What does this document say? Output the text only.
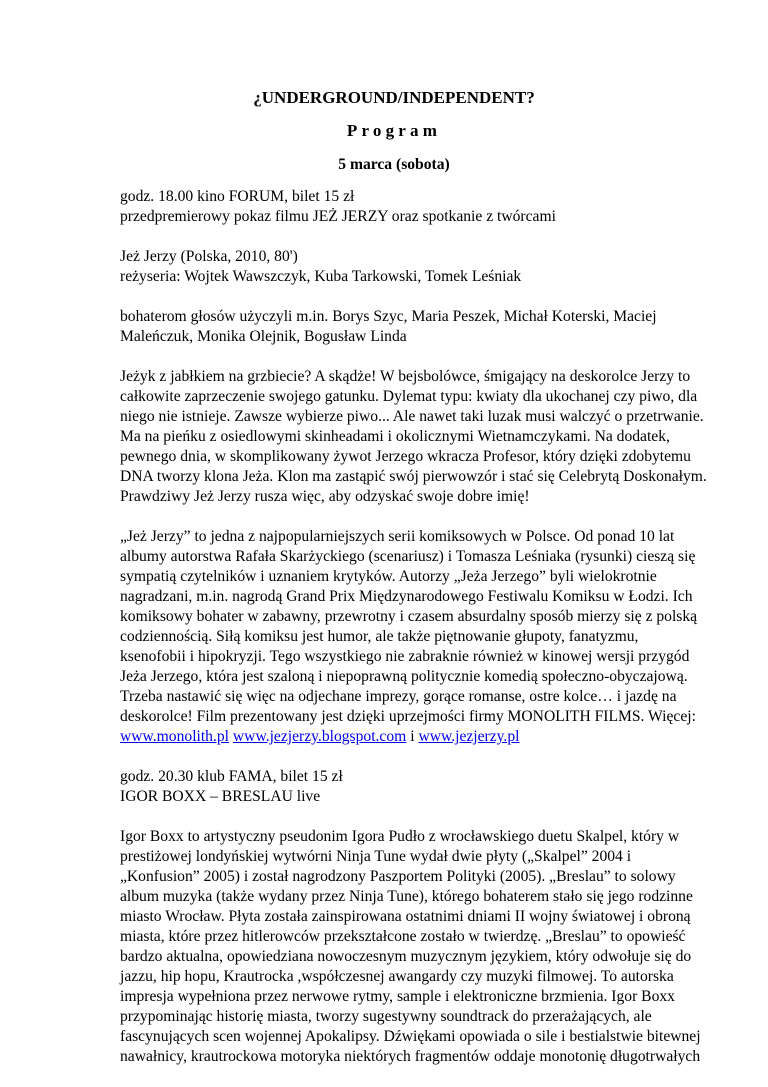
¿UNDERGROUND/INDEPENDENT?
Program
5 marca (sobota)

godz. 18.00 kino FORUM, bilet 15 zł
przedpremierowy pokaz filmu JEŻ JERZY oraz spotkanie z twórcami

Jeż Jerzy (Polska, 2010, 80')
reżyseria: Wojtek Wawszczyk, Kuba Tarkowski, Tomek Leśniak

bohaterom głosów użyczyli m.in. Borys Szyc, Maria Peszek, Michał Koterski, Maciej
Maleńczuk, Monika Olejnik, Bogusław Linda

Jeżyk z jabłkiem na grzbiecie? A skądże! W bejsbolówce, śmigający na deskorolce Jerzy to
całkowite zaprzeczenie swojego gatunku. Dylemat typu: kwiaty dla ukochanej czy piwo, dla
niego nie istnieje. Zawsze wybierze piwo... Ale nawet taki luzak musi walczyć o przetrwanie.
Ma na pieńku z osiedlowymi skinheadami i okolicznymi Wietnamczykami. Na dodatek,
pewnego dnia, w skomplikowany żywot Jerzego wkracza Profesor, który dzięki zdobytemu
DNA tworzy klona Jeża. Klon ma zastąpić swój pierwowzór i stać się Celebrytą Doskonałym.
Prawdziwy Jeż Jerzy rusza więc, aby odzyskać swoje dobre imię!

„Jeż Jerzy” to jedna z najpopularniejszych serii komiksowych w Polsce. Od ponad 10 lat
albumy autorstwa Rafała Skarżyckiego (scenariusz) i Tomasza Leśniaka (rysunki) cieszą się
sympatią czytelników i uznaniem krytyków. Autorzy „Jeża Jerzego” byli wielokrotnie
nagradzani, m.in. nagrodą Grand Prix Międzynarodowego Festiwalu Komiksu w Łodzi. Ich
komiksowy bohater w zabawny, przewrotny i czasem absurdalny sposób mierzy się z polską
codziennością. Siłą komiksu jest humor, ale także piętnowanie głupoty, fanatyzmu,
ksenofobii i hipokryzji. Tego wszystkiego nie zabraknie również w kinowej wersji przygód
Jeża Jerzego, która jest szaloną i niepoprawną politycznie komedią społeczno-obyczajową.
Trzeba nastawić się więc na odjechane imprezy, gorące romanse, ostre kolce… i jazdę na
deskorolce! Film prezentowany jest dzięki uprzejmości firmy MONOLITH FILMS. Więcej:
www.monolith.pl www.jezjerzy.blogspot.com i www.jezjerzy.pl

godz. 20.30 klub FAMA, bilet 15 zł
IGOR BOXX – BRESLAU live

Igor Boxx to artystyczny pseudonim Igora Pudło z wrocławskiego duetu Skalpel, który w
prestiżowej londyńskiej wytwórni Ninja Tune wydał dwie płyty („Skalpel” 2004 i
„Konfusion” 2005) i został nagrodzony Paszportem Polityki (2005). „Breslau” to solowy
album muzyka (także wydany przez Ninja Tune), którego bohaterem stało się jego rodzinne
miasto Wrocław. Płyta została zainspirowana ostatnimi dniami II wojny światowej i obroną
miasta, które przez hitlerowców przekształcone zostało w twierdzę. „Breslau” to opowieść
bardzo aktualna, opowiedziana nowoczesnym muzycznym językiem, który odwołuje się do
jazzu, hip hopu, Krautrocka ,współczesnej awangardy czy muzyki filmowej. To autorska
impresja wypełniona przez nerwowe rytmy, sample i elektroniczne brzmienia. Igor Boxx
przypominając historię miasta, tworzy sugestywny soundtrack do przerażających, ale
fascynujących scen wojennej Apokalipsy. Dźwiękami opowiada o sile i bestialstwie bitewnej
nawałnicy, krautrockowa motoryka niektórych fragmentów oddaje monotonię długotrwałych
